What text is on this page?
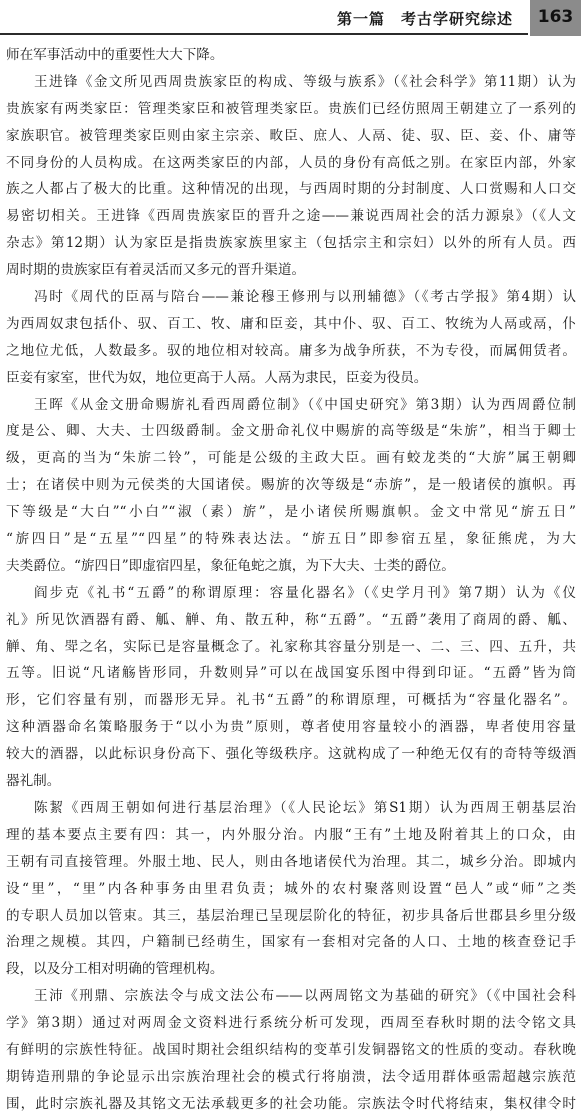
第一篇　考古学研究综述	163
师在军事活动中的重要性大大下降。
王进锋《金文所见西周贵族家臣的构成、等级与族系》（《社会科学》第11期）认为
贵族家有两类家臣：管理类家臣和被管理类家臣。贵族们已经仿照周王朝建立了一系列的
家族职官。被管理类家臣则由家主宗亲、畋臣、庶人、人鬲、徒、驭、臣、妾、仆、庸等
不同身份的人员构成。在这两类家臣的内部，人员的身份有高低之别。在家臣内部，外家
族之人都占了极大的比重。这种情况的出现，与西周时期的分封制度、人口赏赐和人口交
易密切相关。王进锋《西周贵族家臣的晋升之途——兼说西周社会的活力源泉》（《人文
杂志》第12期）认为家臣是指贵族家族里家主（包括宗主和宗妇）以外的所有人员。西
周时期的贵族家臣有着灵活而又多元的晋升渠道。
冯时《周代的臣鬲与陪台——兼论穆王修刑与以刑辅德》（《考古学报》第4期）认
为西周奴隶包括仆、驭、百工、牧、庸和臣妾，其中仆、驭、百工、牧统为人鬲或鬲，仆
之地位尤低，人数最多。驭的地位相对较高。庸多为战争所获，不为专役，而属佣赁者。
臣妾有家室，世代为奴，地位更高于人鬲。人鬲为隶民，臣妾为役员。
王晖《从金文册命赐旂礼看西周爵位制》（《中国史研究》第3期）认为西周爵位制
度是公、卿、大夫、士四级爵制。金文册命礼仪中赐旂的高等级是“朱旂”，相当于卿士
级，更高的当为“朱旂二铃”，可能是公级的主政大臣。画有蛟龙类的“大旂”属王朝卿
士；在诸侯中则为元侯类的大国诸侯。赐旂的次等级是“赤旂”，是一般诸侯的旗帜。再
下等级是“大白”“小白”“淑（素）旂”，是小诸侯所赐旗帜。金文中常见“旂五日”
“旂四日”是“五星”“四星”的特殊表达法。“旂五日”即参宿五星，象征熊虎，为大
夫类爵位。“旂四日”即虚宿四星，象征龟蛇之旗，为下大夫、士类的爵位。
阎步克《礼书“五爵”的称谓原理：容量化器名》（《史学月刊》第7期）认为《仪
礼》所见饮酒器有爵、觚、觯、角、散五种，称“五爵”。“五爵”袭用了商周的爵、觚、
觯、角、斝之名，实际已是容量概念了。礼家称其容量分别是一、二、三、四、五升，共
五等。旧说“凡诸觞皆形同，升数则异”可以在战国宴乐图中得到印证。“五爵”皆为筒
形，它们容量有别，而器形无异。礼书“五爵”的称谓原理，可概括为“容量化器名”。
这种酒器命名策略服务于“以小为贵”原则，尊者使用容量较小的酒器，卑者使用容量
较大的酒器，以此标识身份高下、强化等级秩序。这就构成了一种绝无仅有的奇特等级酒
器礼制。
陈絜《西周王朝如何进行基层治理》（《人民论坛》第S1期）认为西周王朝基层治
理的基本要点主要有四：其一，内外服分治。内服“王有”土地及附着其上的口众，由
王朝有司直接管理。外服土地、民人，则由各地诸侯代为治理。其二，城乡分治。即城内
设“里”，“里”内各种事务由里君负责；城外的农村聚落则设置“邑人”或“师”之类
的专职人员加以管束。其三，基层治理已呈现层阶化的特征，初步具备后世郡县乡里分级
治理之规模。其四，户籍制已经萌生，国家有一套相对完备的人口、土地的核查登记手
段，以及分工相对明确的管理机构。
王沛《刑鼎、宗族法令与成文法公布——以两周铭文为基础的研究》（《中国社会科
学》第3期）通过对两周金文资料进行系统分析可发现，西周至春秋时期的法令铭文具
有鲜明的宗族性特征。战国时期社会组织结构的变革引发铜器铭文的性质的变动。春秋晚
期铸造刑鼎的争论显示出宗族治理社会的模式行将崩溃，法令适用群体亟需超越宗族范
围，此时宗族礼器及其铭文无法承载更多的社会功能。宗族法令时代将结束，集权律令时
